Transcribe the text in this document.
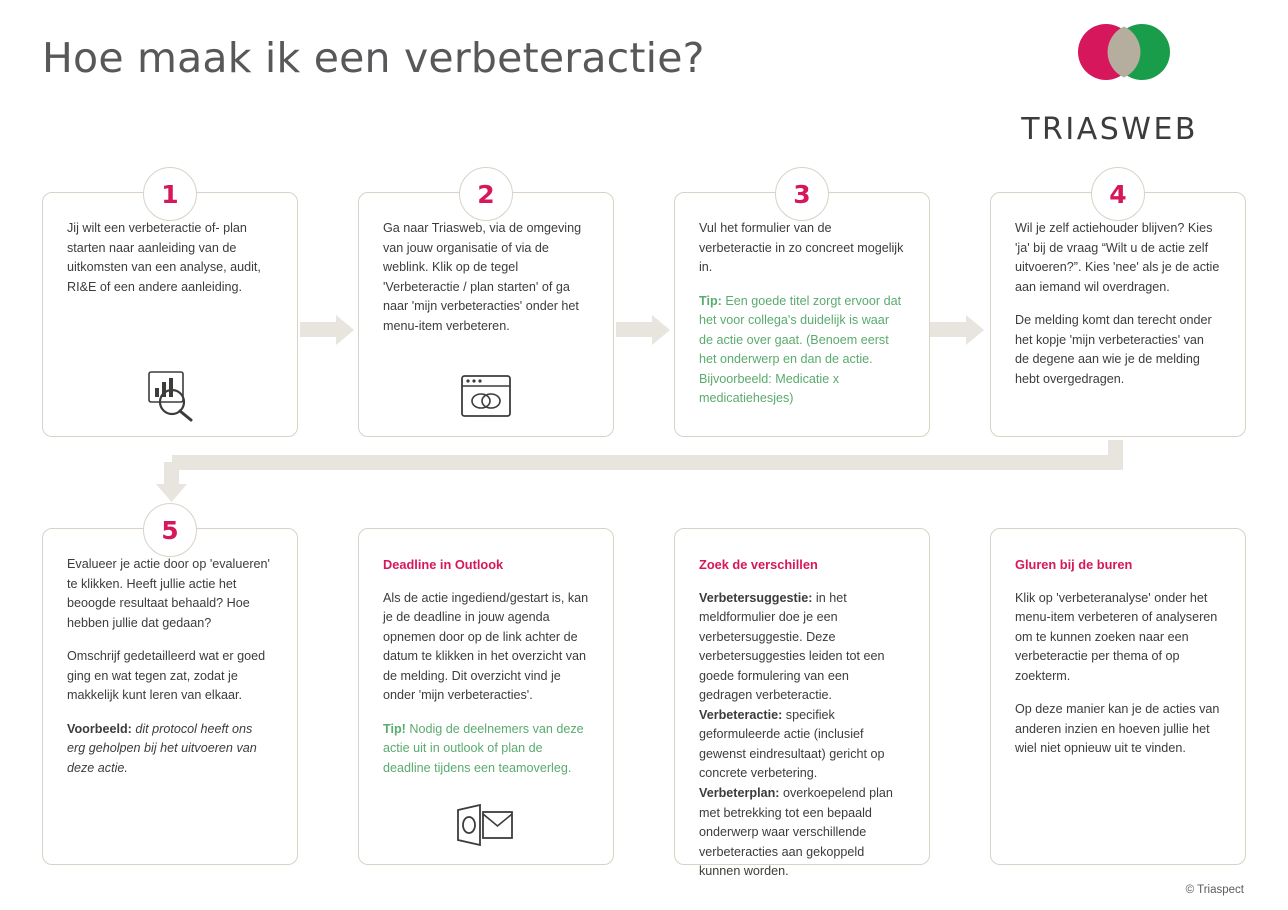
Hoe maak ik een verbeteractie?
TRIASWEB
1

Jij wilt een verbeteractie of- plan starten naar aanleiding van de uitkomsten van een analyse, audit, RI&E of een andere aanleiding.

2

Ga naar Triasweb, via de omgeving van jouw organisatie of via de weblink. Klik op de tegel 'Verbeteractie / plan starten' of ga naar 'mijn verbeteracties' onder het menu-item verbeteren.

3

Vul het formulier van de verbeteractie in zo concreet mogelijk in.

Tip: Een goede titel zorgt ervoor dat het voor collega's duidelijk is waar de actie over gaat. (Benoem eerst het onderwerp en dan de actie. Bijvoorbeeld: Medicatie x medicatiehesjes)

4

Wil je zelf actiehouder blijven? Kies 'ja' bij de vraag “Wilt u de actie zelf uitvoeren?”. Kies 'nee' als je de actie aan iemand wil overdragen.

De melding komt dan terecht onder het kopje 'mijn verbeteracties' van de degene aan wie je de melding hebt overgedragen.

5

Evalueer je actie door op 'evalueren' te klikken. Heeft jullie actie het beoogde resultaat behaald? Hoe hebben jullie dat gedaan?

Omschrijf gedetailleerd wat er goed ging en wat tegen zat, zodat je makkelijk kunt leren van elkaar.

Voorbeeld: dit protocol heeft ons erg geholpen bij het uitvoeren van deze actie.

Deadline in Outlook

Als de actie ingediend/gestart is, kan je de deadline in jouw agenda opnemen door op de link achter de datum te klikken in het overzicht van de melding. Dit overzicht vind je onder 'mijn verbeteracties'.

Tip! Nodig de deelnemers van deze actie uit in outlook of plan de deadline tijdens een teamoverleg.

Zoek de verschillen

Verbetersuggestie: in het meldformulier doe je een verbetersuggestie. Deze verbetersuggesties leiden tot een goede formulering van een gedragen verbeteractie.

Verbeteractie: specifiek geformuleerde actie (inclusief gewenst eindresultaat) gericht op concrete verbetering.

Verbeterplan: overkoepelend plan met betrekking tot een bepaald onderwerp waar verschillende verbeteracties aan gekoppeld kunnen worden.

Gluren bij de buren

Klik op 'verbeteranalyse' onder het menu-item verbeteren of analyseren om te kunnen zoeken naar een verbeteractie per thema of op zoekterm.

Op deze manier kan je de acties van anderen inzien en hoeven jullie het wiel niet opnieuw uit te vinden.

© Triaspect
